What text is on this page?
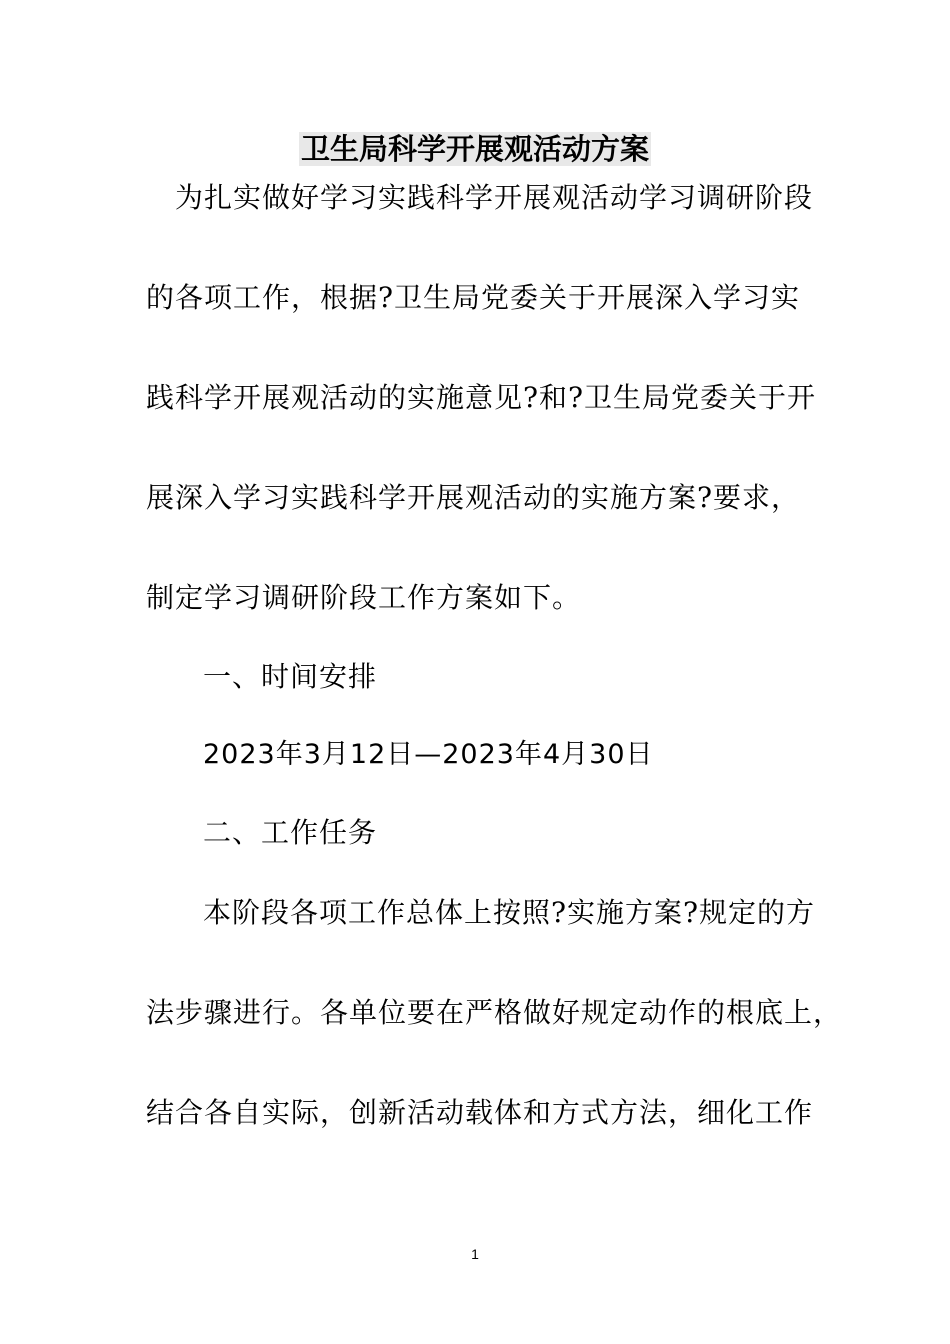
卫生局科学开展观活动方案
为扎实做好学习实践科学开展观活动学习调研阶段
的各项工作，根据?卫生局党委关于开展深入学习实
践科学开展观活动的实施意见?和?卫生局党委关于开
展深入学习实践科学开展观活动的实施方案?要求，
制定学习调研阶段工作方案如下。
一、时间安排
2023年3月12日—2023年4月30日
二、工作任务
本阶段各项工作总体上按照?实施方案?规定的方
法步骤进行。各单位要在严格做好规定动作的根底上，
结合各自实际，创新活动载体和方式方法，细化工作
1
